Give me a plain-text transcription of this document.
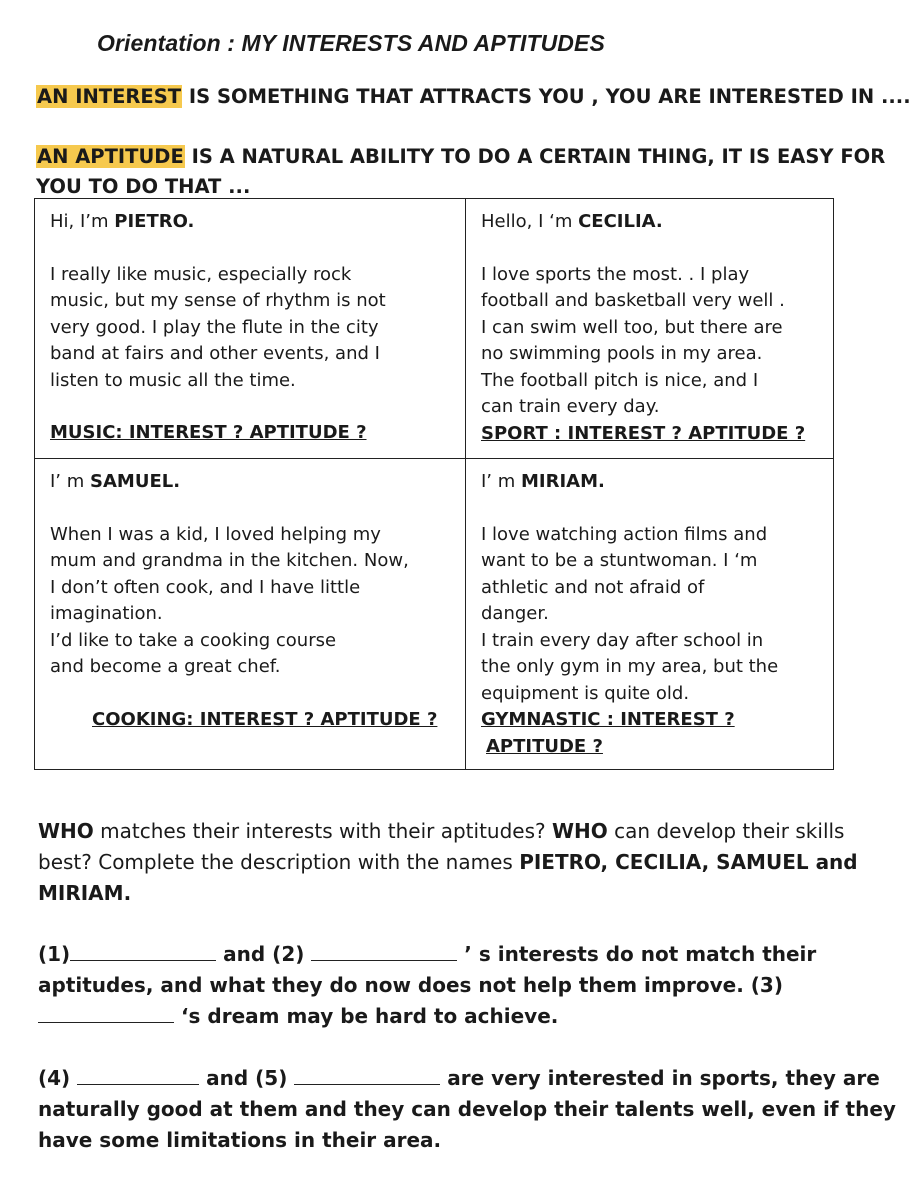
Orientation : MY INTERESTS AND APTITUDES
AN INTEREST IS SOMETHING THAT ATTRACTS YOU , YOU ARE INTERESTED IN ....
AN APTITUDE IS A NATURAL ABILITY TO DO A CERTAIN THING, IT IS EASY FOR YOU TO DO THAT ...
Hi, I’m PIETRO.
I really like music, especially rock
music, but my sense of rhythm is not
very good. I play the flute in the city
band at fairs and other events, and I
listen to music all the time.
MUSIC: INTEREST ? APTITUDE ?
Hello, I ‘m CECILIA.
I love sports the most. . I play
football and basketball very well .
I can swim well too, but there are
no swimming pools in my area.
The football pitch is nice, and I
can train every day.
SPORT : INTEREST ? APTITUDE ?
I’ m SAMUEL.
When I was a kid, I loved helping my
mum and grandma in the kitchen. Now,
I don’t often cook, and I have little
imagination.
I’d like to take a cooking course
and become a great chef.
COOKING: INTEREST ? APTITUDE ?
I’ m MIRIAM.
I love watching action films and
want to be a stuntwoman. I ‘m
athletic and not afraid of
danger.
I train every day after school in
the only gym in my area, but the
equipment is quite old.
GYMNASTIC : INTEREST ?
APTITUDE ?
WHO matches their interests with their aptitudes? WHO can develop their skills best? Complete the description with the names PIETRO, CECILIA, SAMUEL and MIRIAM.
(1)	and (2)	’ s interests do not match their aptitudes, and what they do now does not help them improve. (3)  ‘s dream may be hard to achieve.
(4)	and (5)	are very interested in sports, they are naturally good at them and they can develop their talents well, even if they have some limitations in their area.
